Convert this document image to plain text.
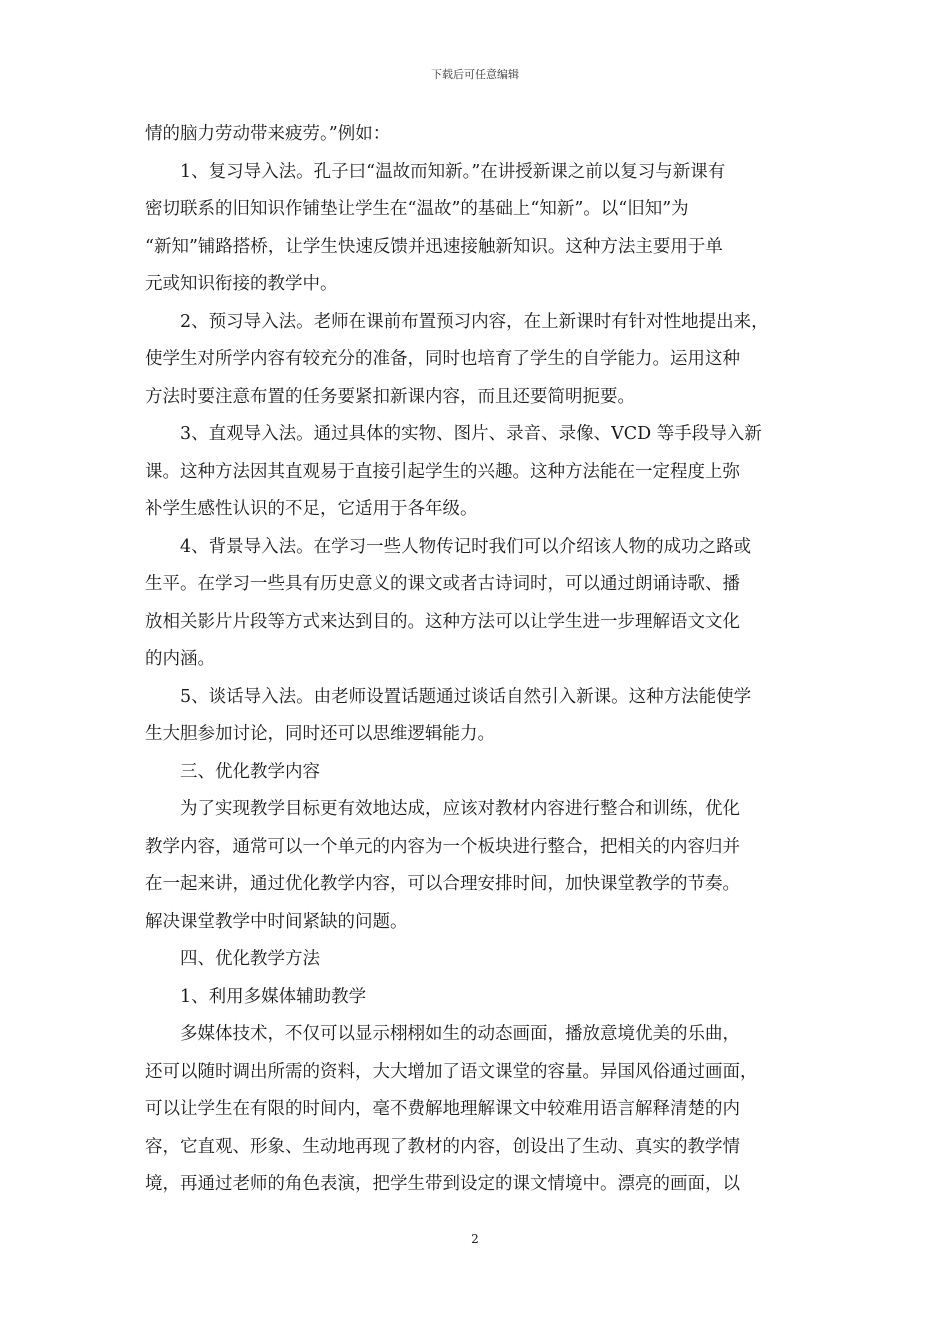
下载后可任意编辑
情的脑力劳动带来疲劳。”例如：
　　1、复习导入法。孔子曰“温故而知新。”在讲授新课之前以复习与新课有
密切联系的旧知识作铺垫让学生在“温故”的基础上“知新”。以“旧知”为
“新知”铺路搭桥，让学生快速反馈并迅速接触新知识。这种方法主要用于单
元或知识衔接的教学中。
　　2、预习导入法。老师在课前布置预习内容，在上新课时有针对性地提出来，
使学生对所学内容有较充分的准备，同时也培育了学生的自学能力。运用这种
方法时要注意布置的任务要紧扣新课内容，而且还要简明扼要。
　　3、直观导入法。通过具体的实物、图片、录音、录像、VCD 等手段导入新
课。这种方法因其直观易于直接引起学生的兴趣。这种方法能在一定程度上弥
补学生感性认识的不足，它适用于各年级。
　　4、背景导入法。在学习一些人物传记时我们可以介绍该人物的成功之路或
生平。在学习一些具有历史意义的课文或者古诗词时，可以通过朗诵诗歌、播
放相关影片片段等方式来达到目的。这种方法可以让学生进一步理解语文文化
的内涵。
　　5、谈话导入法。由老师设置话题通过谈话自然引入新课。这种方法能使学
生大胆参加讨论，同时还可以思维逻辑能力。
　　三、优化教学内容
　　为了实现教学目标更有效地达成，应该对教材内容进行整合和训练，优化
教学内容，通常可以一个单元的内容为一个板块进行整合，把相关的内容归并
在一起来讲，通过优化教学内容，可以合理安排时间，加快课堂教学的节奏。
解决课堂教学中时间紧缺的问题。
　　四、优化教学方法
　　1、利用多媒体辅助教学
　　多媒体技术，不仅可以显示栩栩如生的动态画面，播放意境优美的乐曲，
还可以随时调出所需的资料，大大增加了语文课堂的容量。异国风俗通过画面，
可以让学生在有限的时间内，毫不费解地理解课文中较难用语言解释清楚的内
容，它直观、形象、生动地再现了教材的内容，创设出了生动、真实的教学情
境，再通过老师的角色表演，把学生带到设定的课文情境中。漂亮的画面，以
2
